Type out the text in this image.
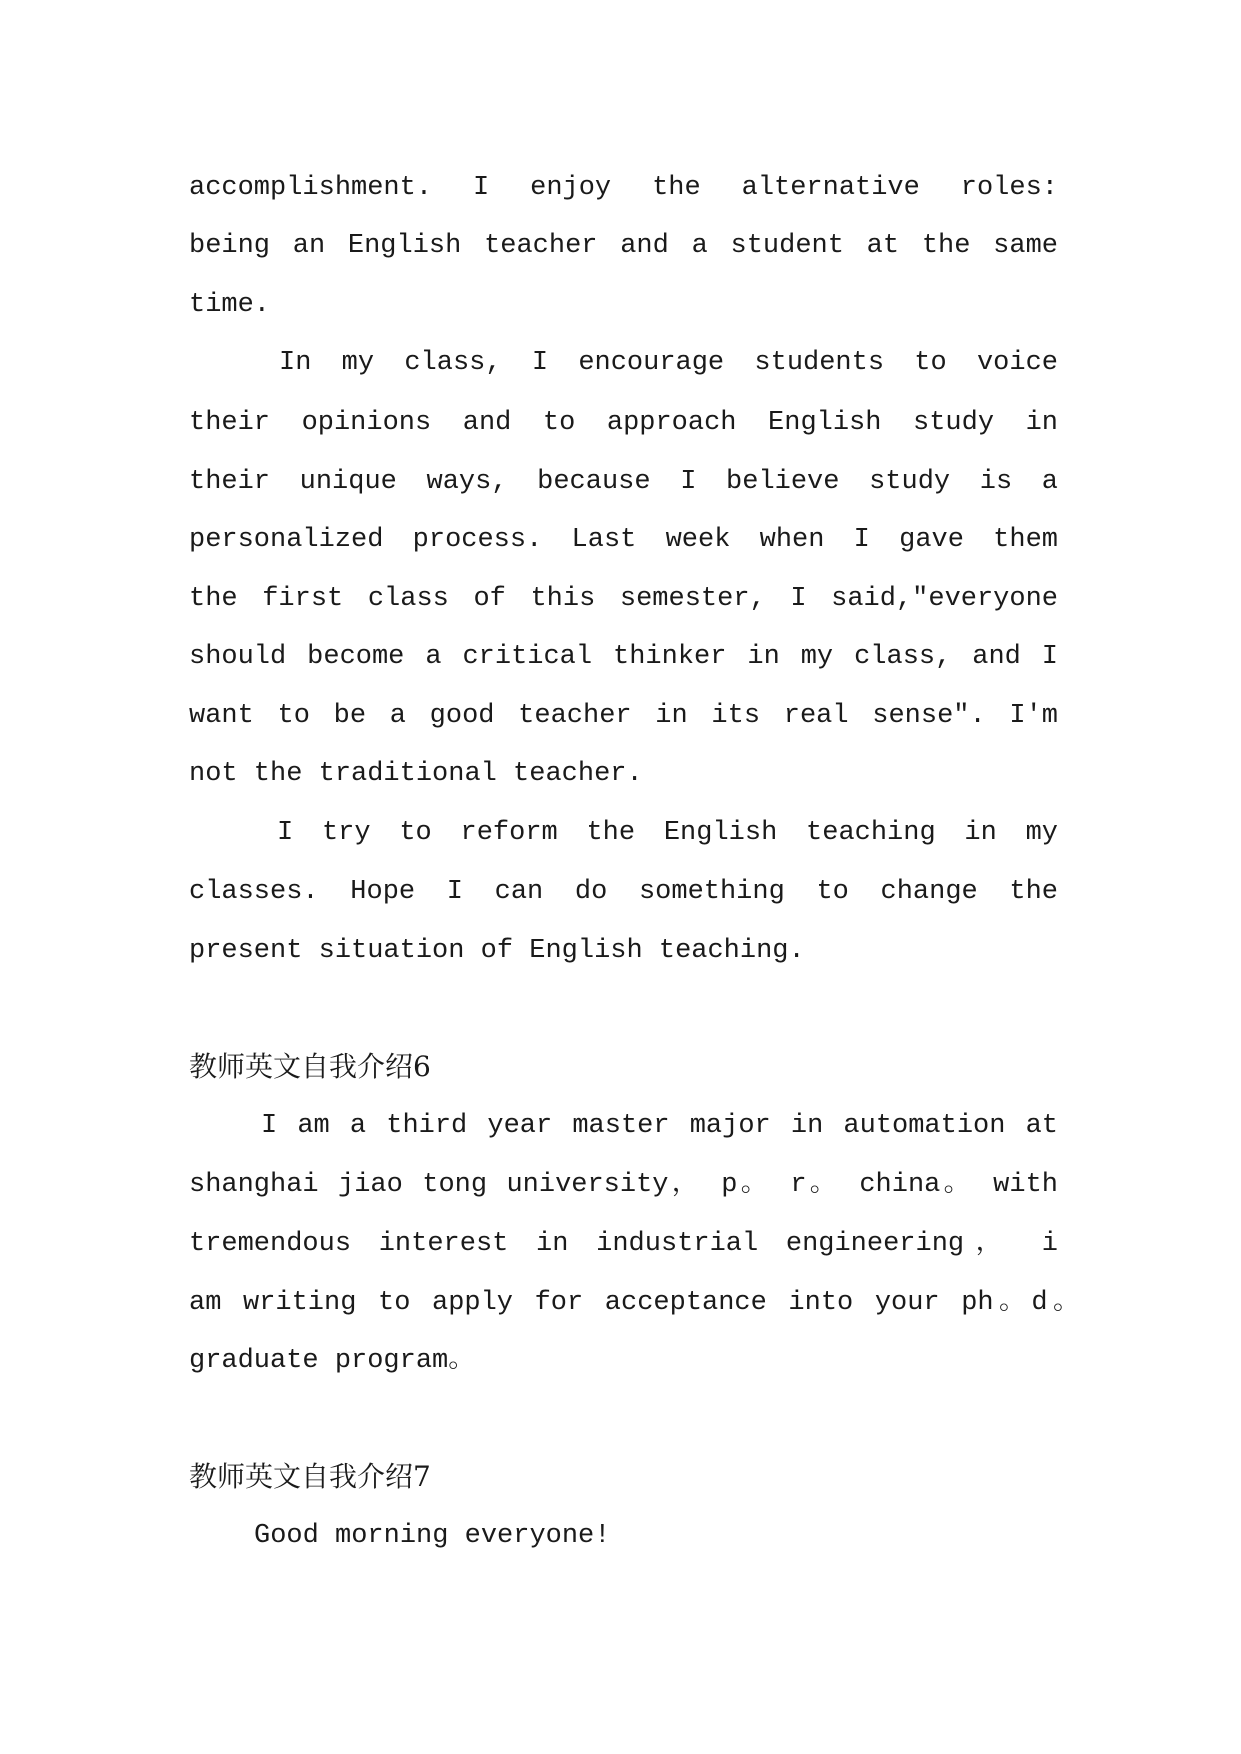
accomplishment. I enjoy the alternative roles:
being an English teacher and a student at the same
time.
In my class, I encourage students to voice
their opinions and to approach English study in
their unique ways, because I believe study is a
personalized process. Last week when I gave them
the first class of this semester, I said,"everyone
should become a critical thinker in my class, and I
want to be a good teacher in its real sense". I'm
not the traditional teacher.
I try to reform the English teaching in my
classes. Hope I can do something to change the
present situation of English teaching.
教师英文自我介绍6
I am a third year master major in automation at
shanghai jiao tong university， p。 r。 china。 with
tremendous interest in industrial engineering， i
am writing to apply for acceptance into your ph。d。
graduate program。
教师英文自我介绍7
Good morning everyone!
